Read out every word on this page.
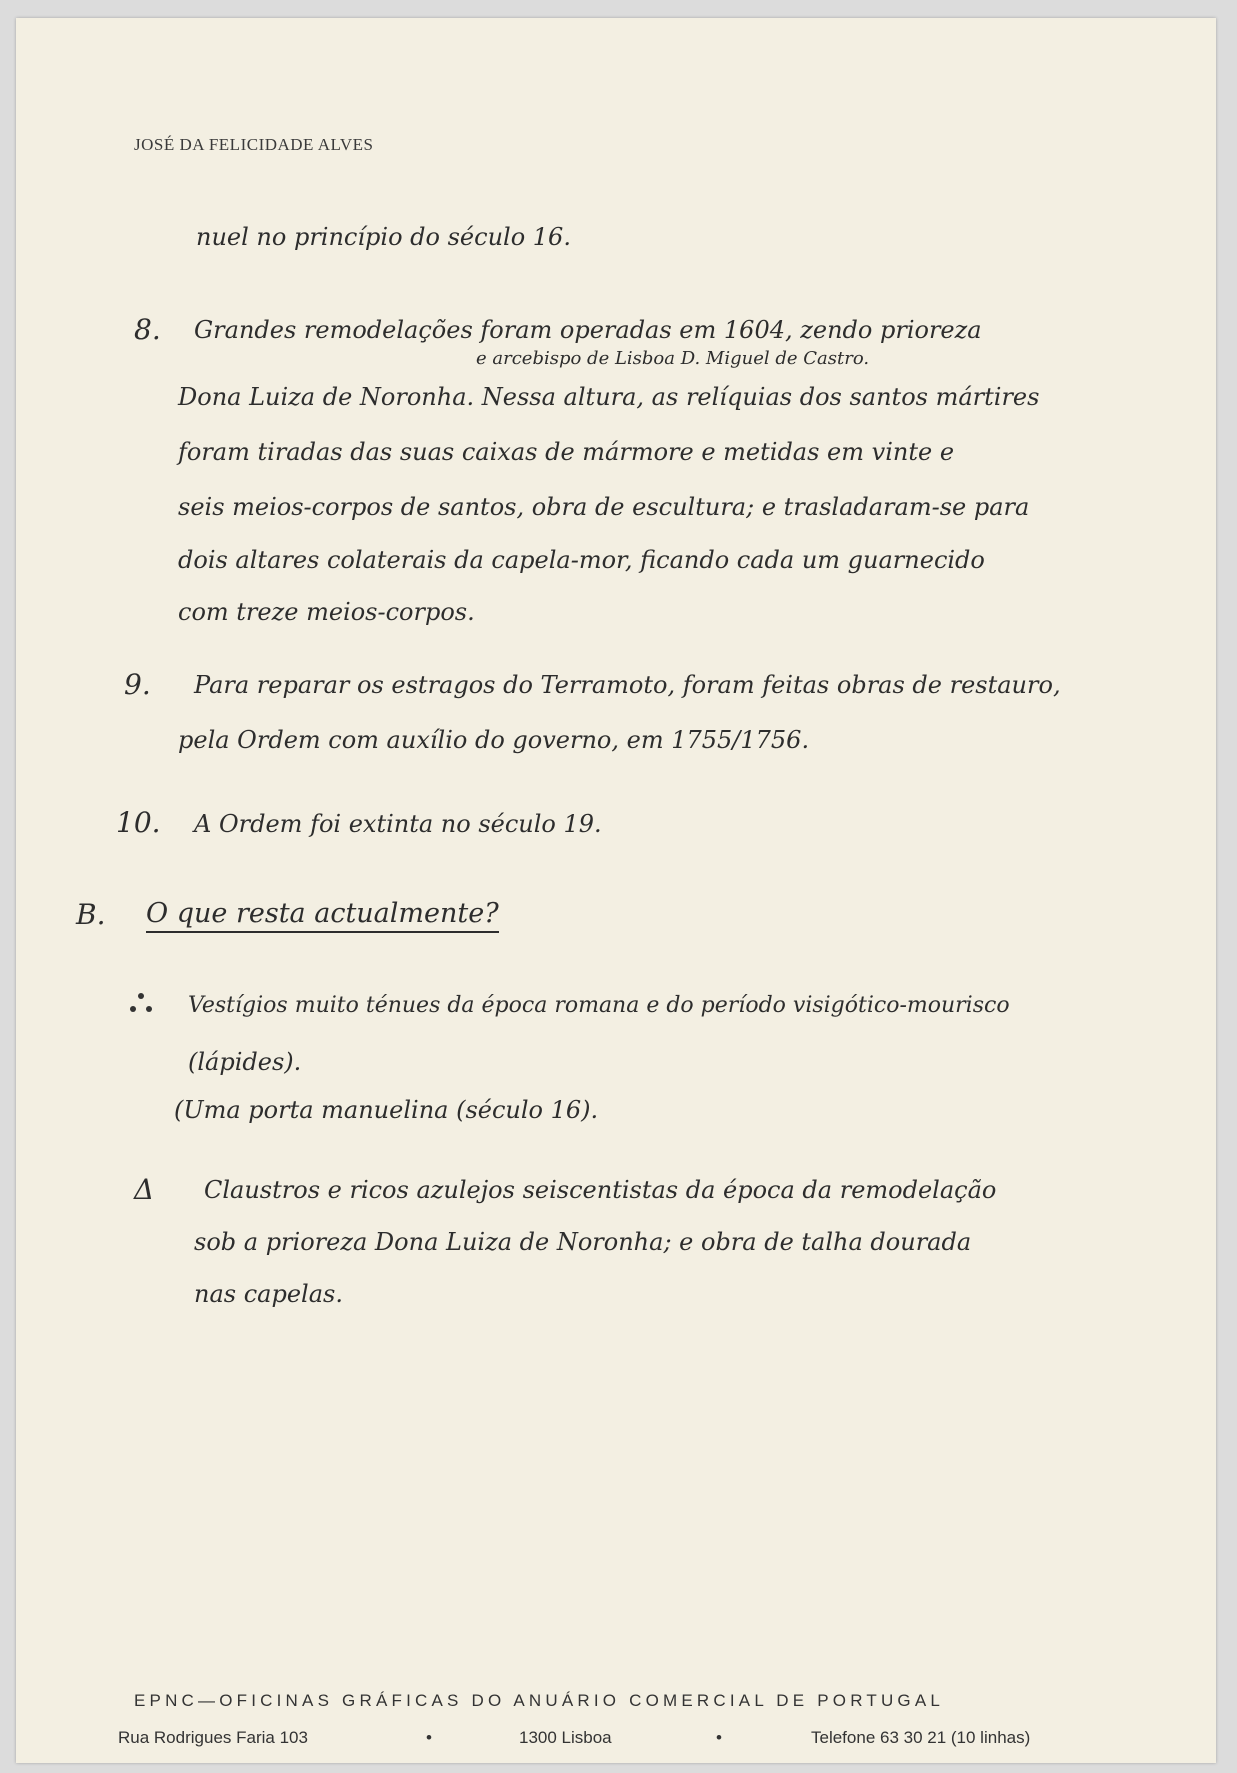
JOSÉ DA FELICIDADE ALVES
nuel no princípio do século 16.
8. Grandes remodelações foram operadas em 1604, zendo prioreza
e arcebispo de Lisboa D. Miguel de Castro.
Dona Luiza de Noronha. Nessa altura, as relíquias dos santos mártires
foram tiradas das suas caixas de mármore e metidas em vinte e
seis meios-corpos de santos, obra de escultura; e trasladaram-se para
dois altares colaterais da capela-mor, ficando cada um guarnecido
com treze meios-corpos.
9. Para reparar os estragos do Terramoto, foram feitas obras de restauro,
pela Ordem com auxílio do governo, em 1755/1756.
10. A Ordem foi extinta no século 19.
B. O que resta actualmente?
Vestígios muito ténues da época romana e do período visigótico-mourisco
(lápides).
(Uma porta manuelina (século 16).
Δ Claustros e ricos azulejos seiscentistas da época da remodelação
sob a prioreza Dona Luiza de Noronha; e obra de talha dourada
nas capelas.
EPNC—OFICINAS GRÁFICAS DO ANUÁRIO COMERCIAL DE PORTUGAL
Rua Rodrigues Faria 103	•	1300 Lisboa	•	Telefone 63 30 21 (10 linhas)
